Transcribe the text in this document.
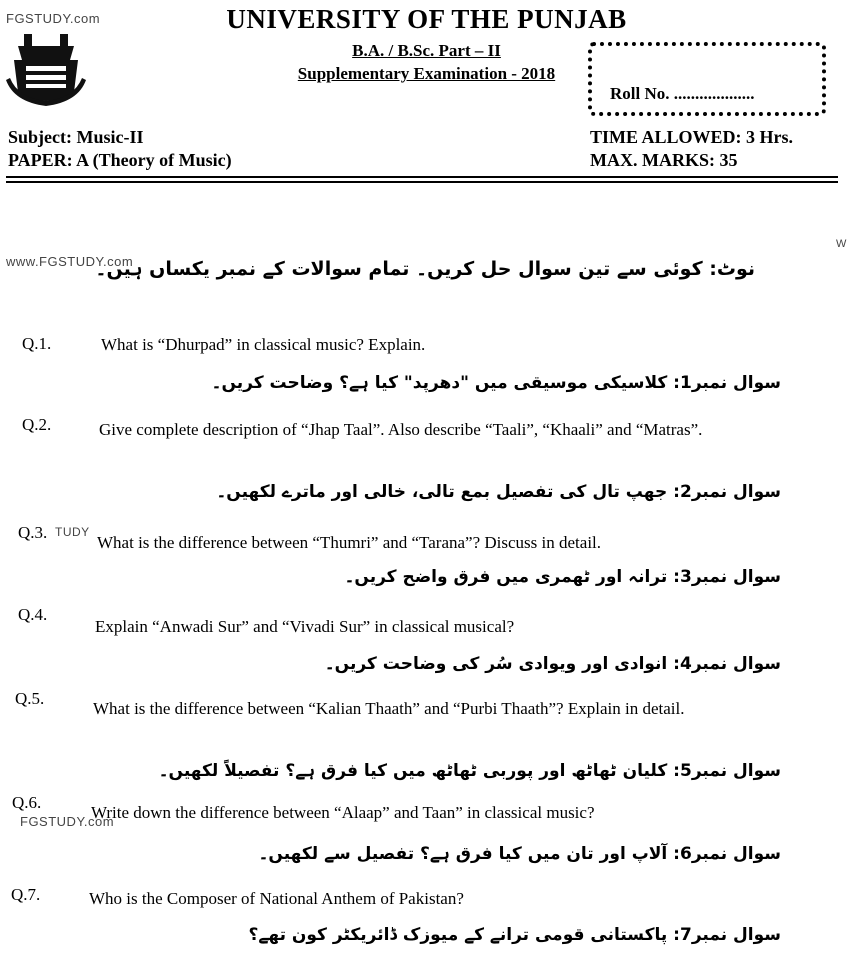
FGSTUDY.com
www.FGSTUDY.com
W
UNIVERSITY OF THE PUNJAB
B.A. / B.Sc. Part – II
Supplementary Examination - 2018
Roll No. ...................
Subject: Music-II
PAPER: A (Theory of Music)
TIME ALLOWED: 3 Hrs.
MAX. MARKS: 35
نوٹ: کوئی سے تین سوال حل کریں۔ تمام سوالات کے نمبر یکساں ہیں۔
Q.1.	What is “Dhurpad” in classical music? Explain.
سوال نمبر1: کلاسیکی موسیقی میں "دھرپد" کیا ہے؟ وضاحت کریں۔
Q.2.	Give complete description of “Jhap Taal”. Also describe “Taali”, “Khaali” and “Matras”.
سوال نمبر2: جھپ تال کی تفصیل بمع تالی، خالی اور ماترے لکھیں۔
Q.3. TUDY
What is the difference between “Thumri” and “Tarana”? Discuss in detail.
سوال نمبر3: ترانہ اور ٹھمری میں فرق واضح کریں۔
Q.4.
Explain “Anwadi Sur” and “Vivadi Sur” in classical musical?
سوال نمبر4: انوادی اور ویوادی سُر کی وضاحت کریں۔
Q.5.
What is the difference between “Kalian Thaath” and “Purbi Thaath”? Explain in detail.
سوال نمبر5: کلیان ٹھاٹھ اور پوربی ٹھاٹھ میں کیا فرق ہے؟ تفصیلاً لکھیں۔
Q.6.
FGSTUDY.com
Write down the difference between “Alaap” and Taan” in classical music?
سوال نمبر6: آلاپ اور تان میں کیا فرق ہے؟ تفصیل سے لکھیں۔
Q.7.	Who is the Composer of National Anthem of Pakistan?
سوال نمبر7: پاکستانی قومی ترانے کے میوزک ڈائریکٹر کون تھے؟
